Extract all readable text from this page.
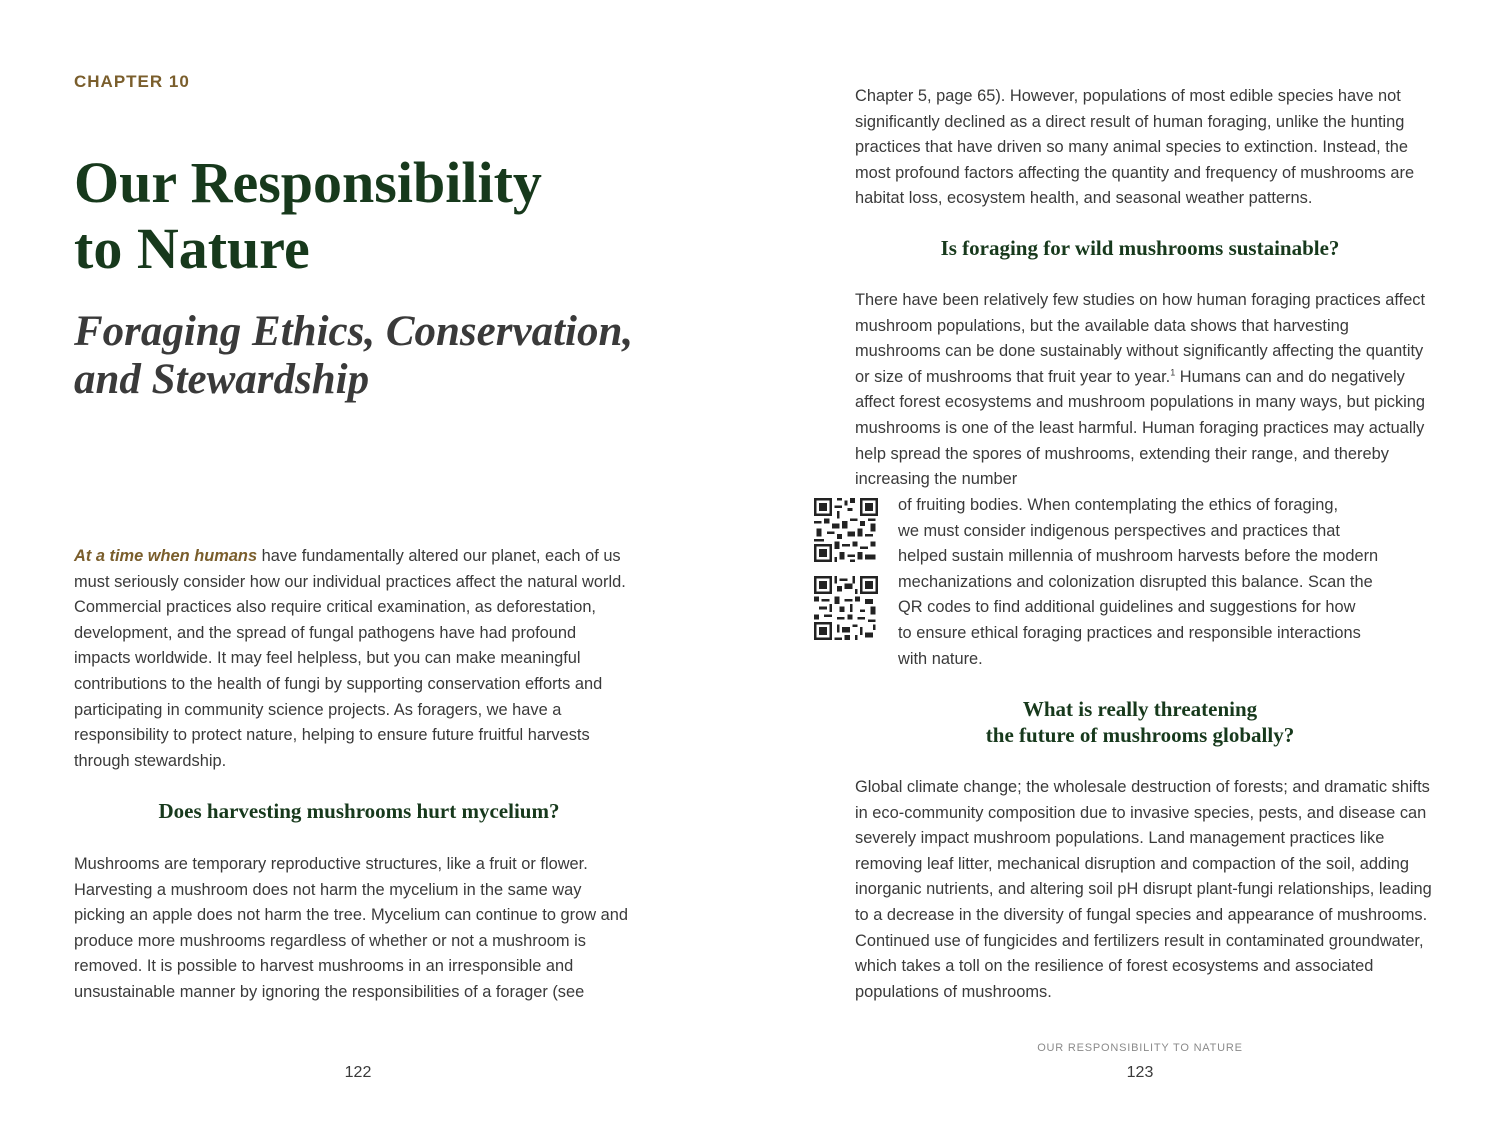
CHAPTER 10
Our Responsibility
to Nature
Foraging Ethics, Conservation,
and Stewardship

At a time when humans have fundamentally altered our planet, each of us must seriously consider how our individual practices affect the natural world. Commercial practices also require critical examination, as deforestation, development, and the spread of fungal pathogens have had profound impacts worldwide. It may feel helpless, but you can make meaningful contributions to the health of fungi by supporting conservation efforts and participating in community science projects. As foragers, we have a responsibility to protect nature, helping to ensure future fruitful harvests through stewardship.

Does harvesting mushrooms hurt mycelium?

Mushrooms are temporary reproductive structures, like a fruit or flower. Harvesting a mushroom does not harm the mycelium in the same way picking an apple does not harm the tree. Mycelium can continue to grow and produce more mushrooms regardless of whether or not a mushroom is removed. It is possible to harvest mushrooms in an irresponsible and unsustainable manner by ignoring the responsibilities of a forager (see

122

Chapter 5, page 65). However, populations of most edible species have not significantly declined as a direct result of human foraging, unlike the hunting practices that have driven so many animal species to extinction. Instead, the most profound factors affecting the quantity and frequency of mushrooms are habitat loss, ecosystem health, and seasonal weather patterns.

Is foraging for wild mushrooms sustainable?

There have been relatively few studies on how human foraging practices affect mushroom populations, but the available data shows that harvesting mushrooms can be done sustainably without significantly affecting the quantity or size of mushrooms that fruit year to year.$^1$ Humans can and do negatively affect forest ecosystems and mushroom populations in many ways, but picking mushrooms is one of the least harmful. Human foraging practices may actually help spread the spores of mushrooms, extending their range, and thereby increasing the number

of fruiting bodies. When contemplating the ethics of foraging,
we must consider indigenous perspectives and practices that
helped sustain millennia of mushroom harvests before the modern
mechanizations and colonization disrupted this balance. Scan the
QR codes to find additional guidelines and suggestions for how
to ensure ethical foraging practices and responsible interactions
with nature.

What is really threatening
the future of mushrooms globally?

Global climate change; the wholesale destruction of forests; and dramatic shifts in eco-community composition due to invasive species, pests, and disease can severely impact mushroom populations. Land management practices like removing leaf litter, mechanical disruption and compaction of the soil, adding inorganic nutrients, and altering soil pH disrupt plant-fungi relationships, leading to a decrease in the diversity of fungal species and appearance of mushrooms. Continued use of fungicides and fertilizers result in contaminated groundwater, which takes a toll on the resilience of forest ecosystems and associated populations of mushrooms.

OUR RESPONSIBILITY TO NATURE
123
